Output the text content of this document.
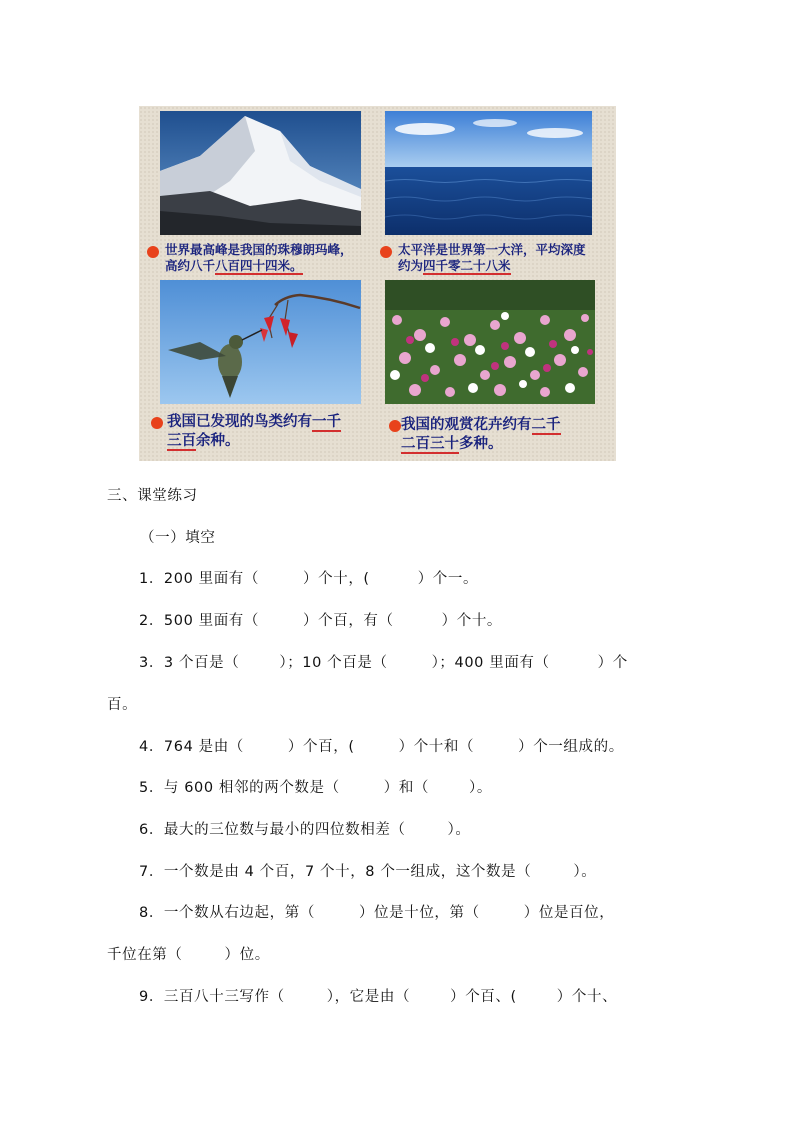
世界最高峰是我国的珠穆朗玛峰，
高约八千八百四十四米。
太平洋是世界第一大洋，平均深度
约为四千零二十八米
我国已发现的鸟类约有一千
三百余种。
我国的观赏花卉约有二千
二百三十多种。
三、课堂练习
（一）填空
1．200 里面有（	）个十，(	）个一。
2．500 里面有（	）个百，有（	）个十。
3．3 个百是（	）；10 个百是（	）；400 里面有（	）个
百。
4．764 是由（	）个百，(	）个十和（	）个一组成的。
5．与 600 相邻的两个数是（	）和（	）。
6．最大的三位数与最小的四位数相差（	）。
7．一个数是由 4 个百，7 个十，8 个一组成，这个数是（	）。
8．一个数从右边起，第（	）位是十位，第（	）位是百位，
千位在第（	）位。
9．三百八十三写作（	），它是由（	）个百、(	）个十、
